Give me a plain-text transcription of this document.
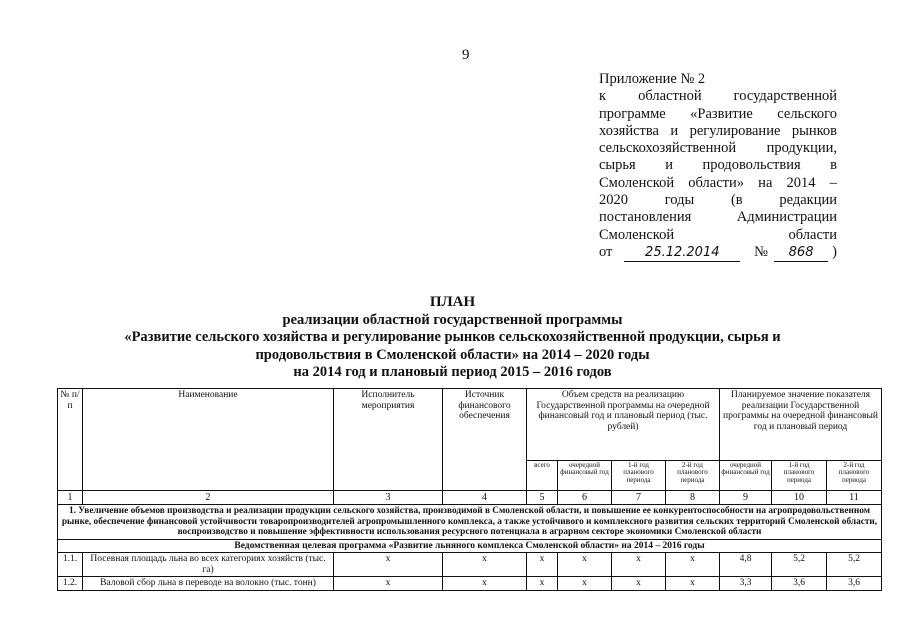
9
Приложение № 2
к областной государственной
программе «Развитие сельского
хозяйства и регулирование рынков
сельскохозяйственной продукции,
сырья и продовольствия в
Смоленской области» на 2014 –
2020 годы (в редакции
постановления Администрации
Смоленской области
от	25.12.2014	№	868	)
ПЛАН
реализации областной государственной программы
«Развитие сельского хозяйства и регулирование рынков сельскохозяйственной продукции, сырья и
продовольствия в Смоленской области» на 2014 – 2020 годы
на 2014 год и плановый период 2015 – 2016 годов
№ п/п	Наименование	Исполнитель мероприятия	Источник финансового обеспечения	Объем средств на реализацию Государственной программы на очередной финансовый год и плановый период (тыс. рублей)				Планируемое значение показателя реализации Государственной программы на очередной финансовый год и плановый период		
				всего	очередной финансовый год	1-й год планового периода	2-й год планового периода	очередной финансовый год	1-й год планового периода	2-й год планового периода
1	2	3	4	5	6	7	8	9	10	11
1. Увеличение объемов производства и реализации продукции сельского хозяйства, производимой в Смоленской области, и повышение ее конкурентоспособности на агропродовольственном рынке, обеспечение финансовой устойчивости товаропроизводителей агропромышленного комплекса, а также устойчивого и комплексного развития сельских территорий Смоленской области, воспроизводство и повышение эффективности использования ресурсного потенциала в аграрном секторе экономики Смоленской области										
Ведомственная целевая программа «Развитие льняного комплекса Смоленской области» на 2014 – 2016 годы										
1.1.	Посевная площадь льна во всех категориях хозяйств (тыс. га)	x	x	x	x	x	x	4,8	5,2	5,2
1.2.	Валовой сбор льна в переводе на волокно (тыс. тонн)	x	x	x	x	x	x	3,3	3,6	3,6
